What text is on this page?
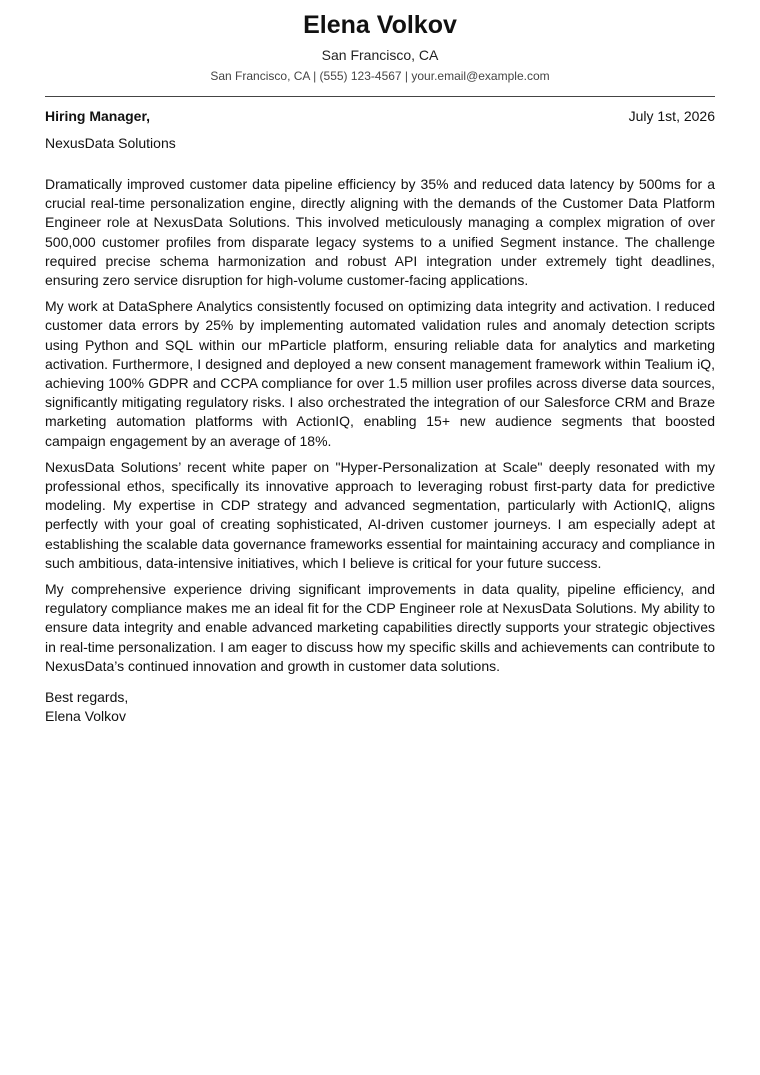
Elena Volkov
San Francisco, CA
San Francisco, CA | (555) 123-4567 | your.email@example.com
Hiring Manager,	July 1st, 2026
NexusData Solutions

Dramatically improved customer data pipeline efficiency by 35% and reduced data latency by 500ms for a crucial real-time personalization engine, directly aligning with the demands of the Customer Data Platform Engineer role at NexusData Solutions. This involved meticulously managing a complex migration of over 500,000 customer profiles from disparate legacy systems to a unified Segment instance. The challenge required precise schema harmonization and robust API integration under extremely tight deadlines, ensuring zero service disruption for high-volume customer-facing applications.

My work at DataSphere Analytics consistently focused on optimizing data integrity and activation. I reduced customer data errors by 25% by implementing automated validation rules and anomaly detection scripts using Python and SQL within our mParticle platform, ensuring reliable data for analytics and marketing activation. Furthermore, I designed and deployed a new consent management framework within Tealium iQ, achieving 100% GDPR and CCPA compliance for over 1.5 million user profiles across diverse data sources, significantly mitigating regulatory risks. I also orchestrated the integration of our Salesforce CRM and Braze marketing automation platforms with ActionIQ, enabling 15+ new audience segments that boosted campaign engagement by an average of 18%.

NexusData Solutions’ recent white paper on "Hyper-Personalization at Scale" deeply resonated with my professional ethos, specifically its innovative approach to leveraging robust first-party data for predictive modeling. My expertise in CDP strategy and advanced segmentation, particularly with ActionIQ, aligns perfectly with your goal of creating sophisticated, AI-driven customer journeys. I am especially adept at establishing the scalable data governance frameworks essential for maintaining accuracy and compliance in such ambitious, data-intensive initiatives, which I believe is critical for your future success.

My comprehensive experience driving significant improvements in data quality, pipeline efficiency, and regulatory compliance makes me an ideal fit for the CDP Engineer role at NexusData Solutions. My ability to ensure data integrity and enable advanced marketing capabilities directly supports your strategic objectives in real-time personalization. I am eager to discuss how my specific skills and achievements can contribute to NexusData’s continued innovation and growth in customer data solutions.

Best regards,
Elena Volkov
